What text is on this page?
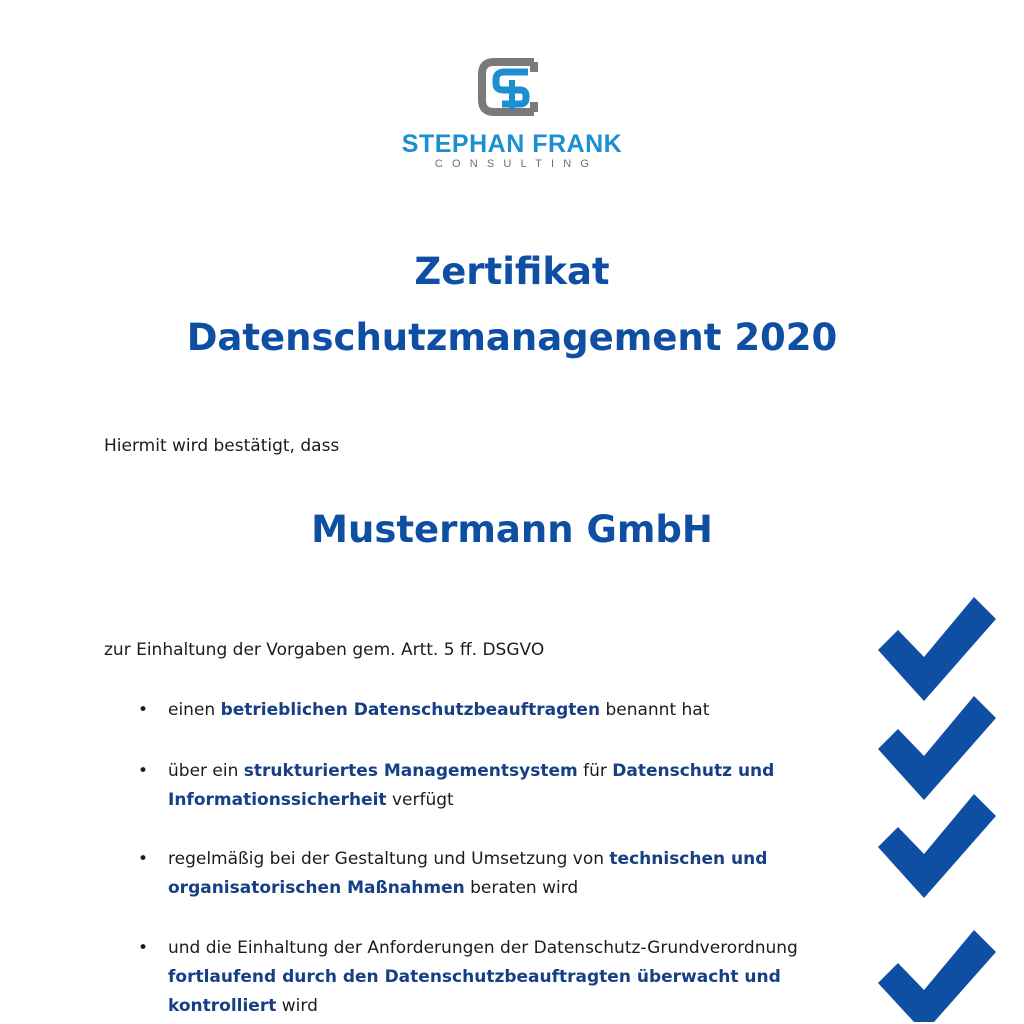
STEPHAN FRANK
CONSULTING
Zertifikat
Datenschutzmanagement 2020
Hiermit wird bestätigt, dass
Mustermann GmbH
zur Einhaltung der Vorgaben gem. Artt. 5 ff. DSGVO
• einen betrieblichen Datenschutzbeauftragten benannt hat
• über ein strukturiertes Managementsystem für Datenschutz und
Informationssicherheit verfügt
• regelmäßig bei der Gestaltung und Umsetzung von technischen und
organisatorischen Maßnahmen beraten wird
• und die Einhaltung der Anforderungen der Datenschutz-Grundverordnung
fortlaufend durch den Datenschutzbeauftragten überwacht und
kontrolliert wird
